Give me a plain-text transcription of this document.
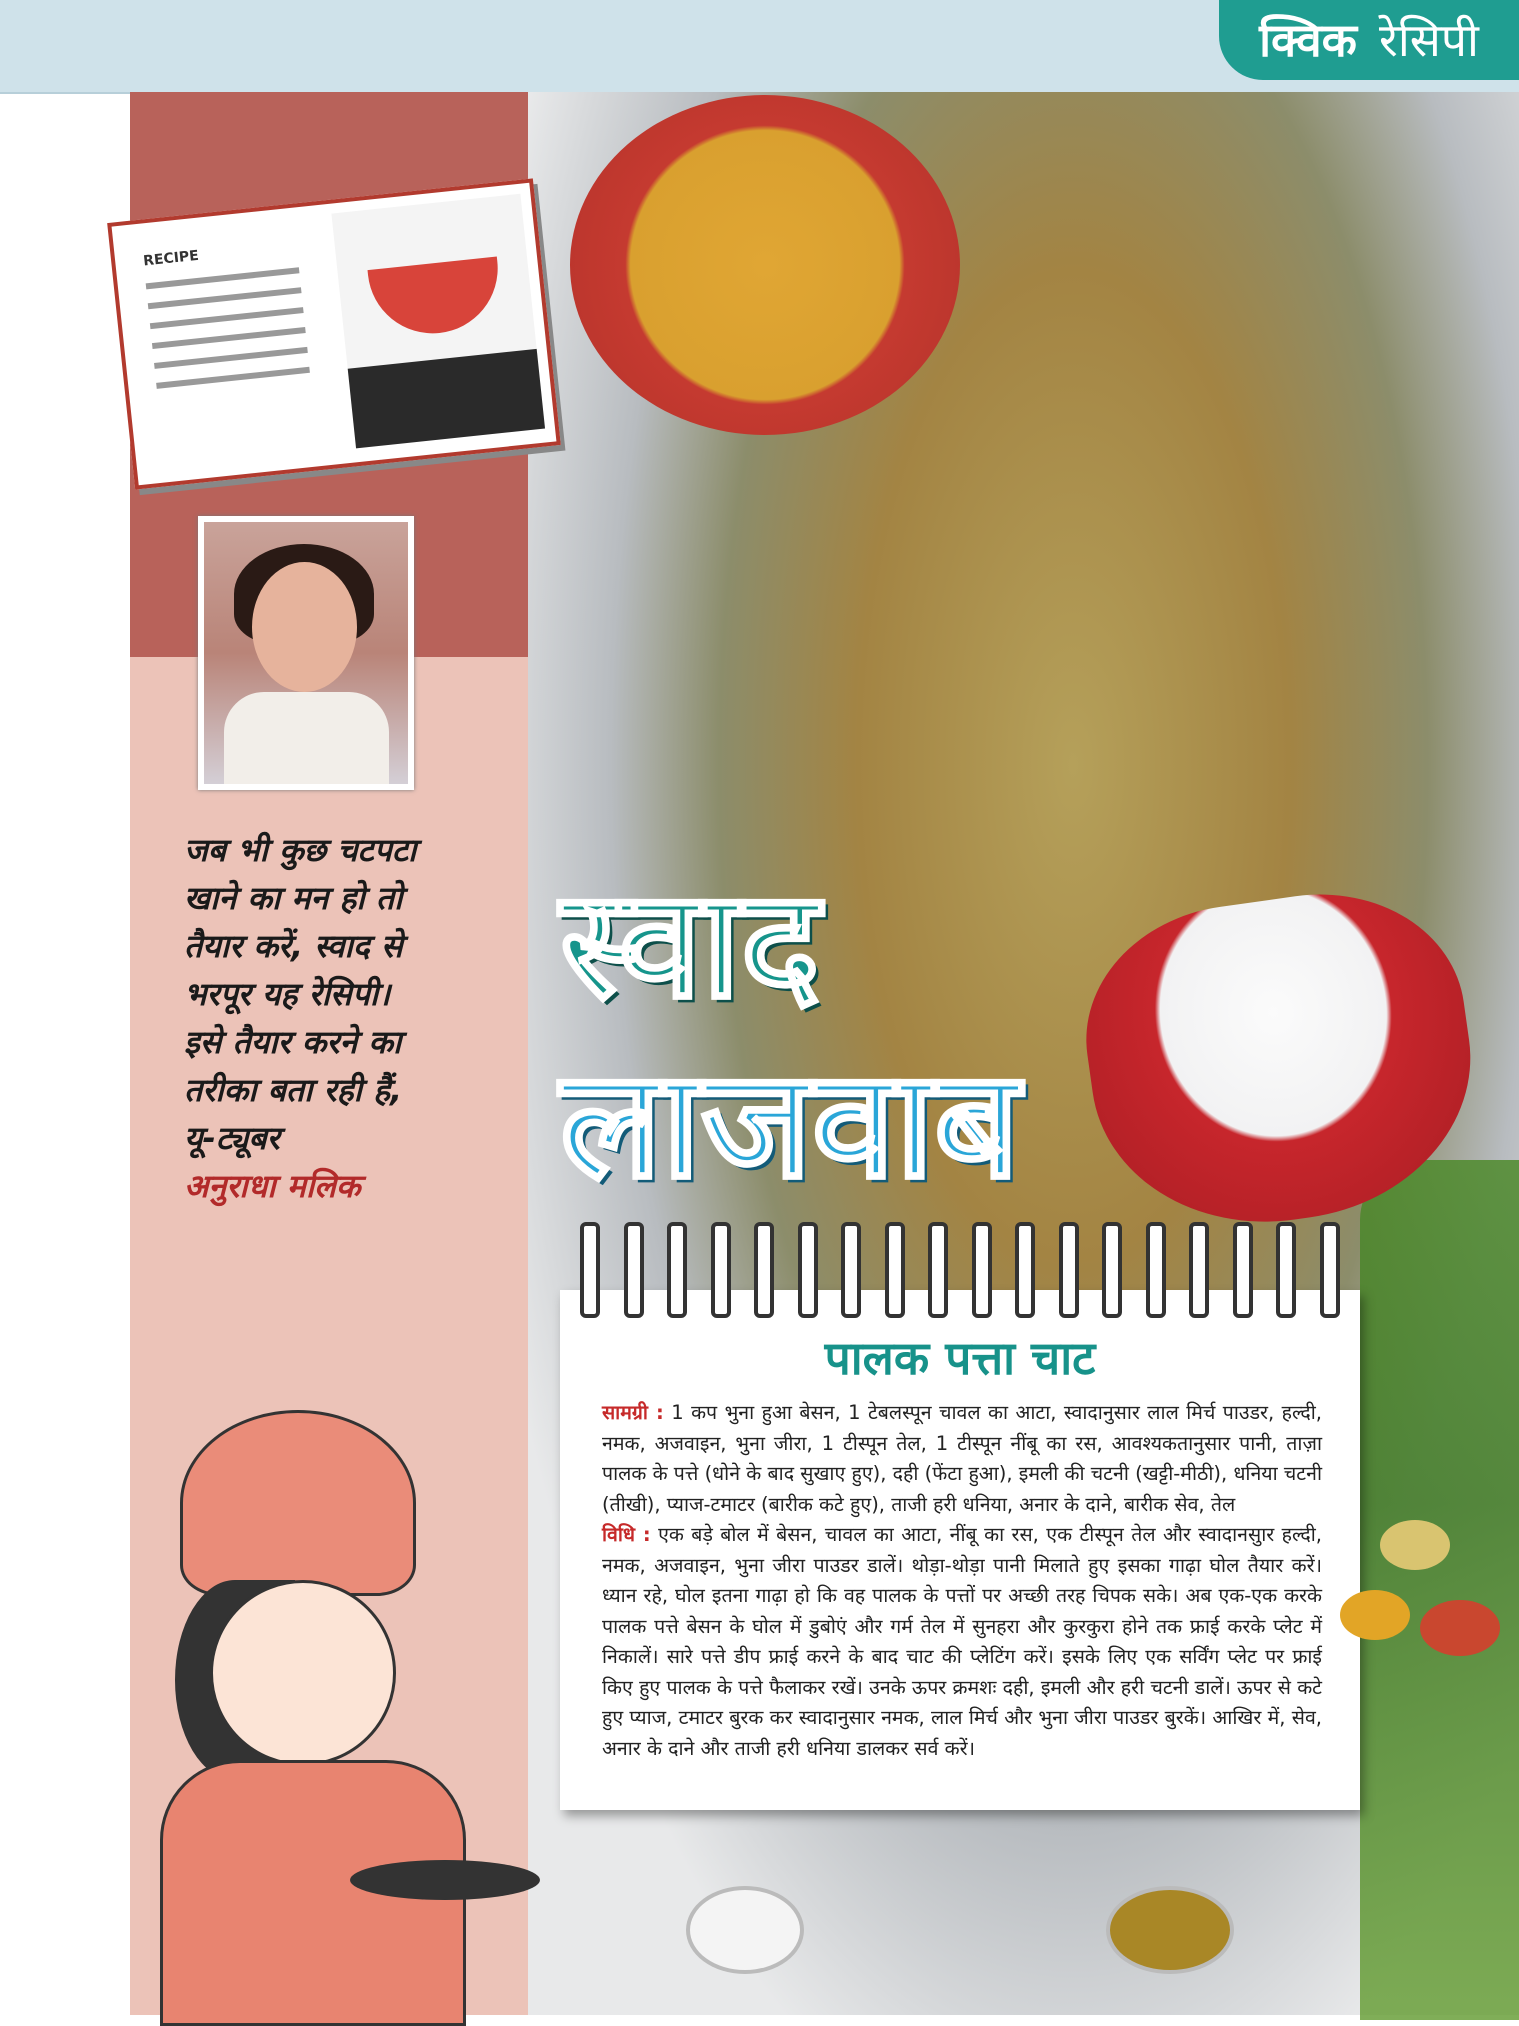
क्विक रेसिपी
RECIPE
जब भी कुछ चटपटा
खाने का मन हो तो
तैयार करें, स्वाद से
भरपूर यह रेसिपी।
इसे तैयार करने का
तरीका बता रही हैं,
यू-ट्यूबर
अनुराधा मलिक
स्वाद
लाजवाब
पालक पत्ता चाट
सामग्री : 1 कप भुना हुआ बेसन, 1 टेबलस्पून चावल का आटा, स्वादानुसार लाल मिर्च पाउडर, हल्दी, नमक, अजवाइन, भुना जीरा, 1 टीस्पून तेल, 1 टीस्पून नींबू का रस, आवश्यकतानुसार पानी, ताज़ा पालक के पत्ते (धोने के बाद सुखाए हुए), दही (फेंटा हुआ), इमली की चटनी (खट्टी-मीठी), धनिया चटनी (तीखी), प्याज-टमाटर (बारीक कटे हुए), ताजी हरी धनिया, अनार के दाने, बारीक सेव, तेल
विधि : एक बड़े बोल में बेसन, चावल का आटा, नींबू का रस, एक टीस्पून तेल और स्वादानसुार हल्दी, नमक, अजवाइन, भुना जीरा पाउडर डालें। थोड़ा-थोड़ा पानी मिलाते हुए इसका गाढ़ा घोल तैयार करें। ध्यान रहे, घोल इतना गाढ़ा हो कि वह पालक के पत्तों पर अच्छी तरह चिपक सके। अब एक-एक करके पालक पत्ते बेसन के घोल में डुबोएं और गर्म तेल में सुनहरा और कुरकुरा होने तक फ्राई करके प्लेट में निकालें। सारे पत्ते डीप फ्राई करने के बाद चाट की प्लेटिंग करें। इसके लिए एक सर्विंग प्लेट पर फ्राई किए हुए पालक के पत्ते फैलाकर रखें। उनके ऊपर क्रमशः दही, इमली और हरी चटनी डालें। ऊपर से कटे हुए प्याज, टमाटर बुरक कर स्वादानुसार नमक, लाल मिर्च और भुना जीरा पाउडर बुरकें। आखिर में, सेव, अनार के दाने और ताजी हरी धनिया डालकर सर्व करें।
